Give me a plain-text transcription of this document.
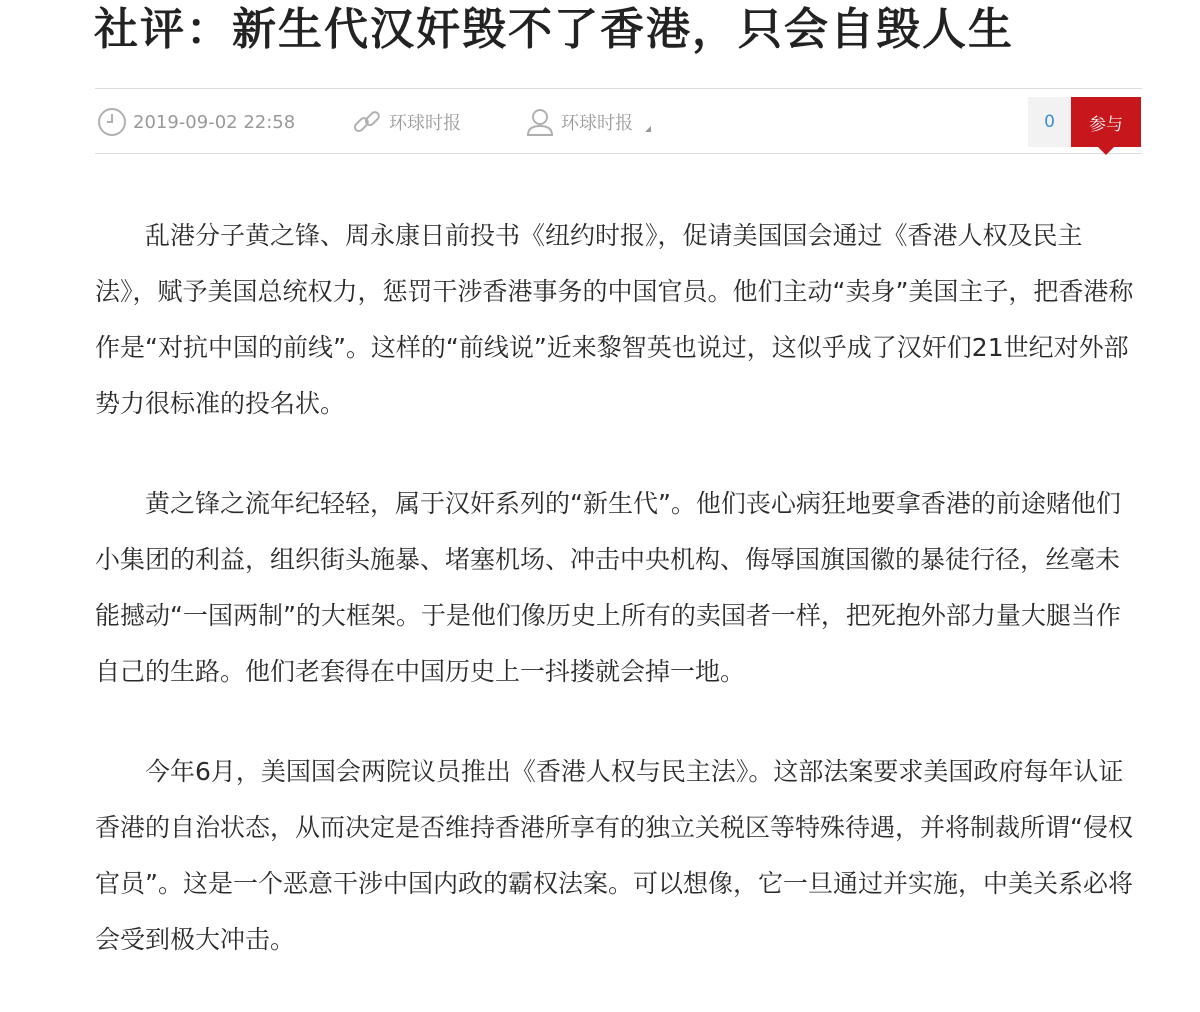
社评：新生代汉奸毁不了香港，只会自毁人生
2019-09-02 22:58	环球时报	环球时报	0	参与

乱港分子黄之锋、周永康日前投书《纽约时报》，促请美国国会通过《香港人权及民主法》，赋予美国总统权力，惩罚干涉香港事务的中国官员。他们主动“卖身”美国主子，把香港称作是“对抗中国的前线”。这样的“前线说”近来黎智英也说过，这似乎成了汉奸们21世纪对外部势力很标准的投名状。

黄之锋之流年纪轻轻，属于汉奸系列的“新生代”。他们丧心病狂地要拿香港的前途赌他们小集团的利益，组织街头施暴、堵塞机场、冲击中央机构、侮辱国旗国徽的暴徒行径，丝毫未能撼动“一国两制”的大框架。于是他们像历史上所有的卖国者一样，把死抱外部力量大腿当作自己的生路。他们老套得在中国历史上一抖搂就会掉一地。

今年6月，美国国会两院议员推出《香港人权与民主法》。这部法案要求美国政府每年认证香港的自治状态，从而决定是否维持香港所享有的独立关税区等特殊待遇，并将制裁所谓“侵权官员”。这是一个恶意干涉中国内政的霸权法案。可以想像，它一旦通过并实施，中美关系必将会受到极大冲击。
